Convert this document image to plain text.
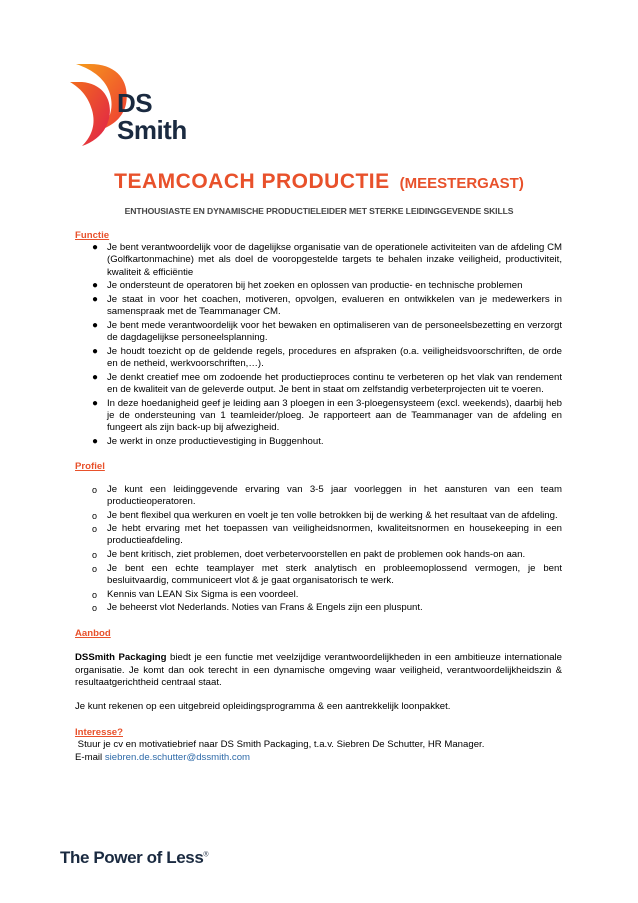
DS
Smith
TEAMCOACH PRODUCTIE (MEESTERGAST)
ENTHOUSIASTE EN DYNAMISCHE PRODUCTIELEIDER MET STERKE LEIDINGGEVENDE SKILLS
Functie
● Je bent verantwoordelijk voor de dagelijkse organisatie van de operationele activiteiten van de afdeling CM (Golfkartonmachine) met als doel de vooropgestelde targets te behalen inzake veiligheid, productiviteit, kwaliteit & efficiëntie
● Je ondersteunt de operatoren bij het zoeken en oplossen van productie- en technische problemen
● Je staat in voor het coachen, motiveren, opvolgen, evalueren en ontwikkelen van je medewerkers in samenspraak met de Teammanager CM.
● Je bent mede verantwoordelijk voor het bewaken en optimaliseren van de personeelsbezetting en verzorgt de dagdagelijkse personeelsplanning.
● Je houdt toezicht op de geldende regels, procedures en afspraken (o.a. veiligheidsvoorschriften, de orde en de netheid, werkvoorschriften,…).
● Je denkt creatief mee om zodoende het productieproces continu te verbeteren op het vlak van rendement en de kwaliteit van de geleverde output. Je bent in staat om zelfstandig verbeterprojecten uit te voeren.
● In deze hoedanigheid geef je leiding aan 3 ploegen in een 3-ploegensysteem (excl. weekends), daarbij heb je de ondersteuning van 1 teamleider/ploeg. Je rapporteert aan de Teammanager van de afdeling en fungeert als zijn back-up bij afwezigheid.
● Je werkt in onze productievestiging in Buggenhout.
Profiel
o Je kunt een leidinggevende ervaring van 3-5 jaar voorleggen in het aansturen van een team productieoperatoren.
o Je bent flexibel qua werkuren en voelt je ten volle betrokken bij de werking & het resultaat van de afdeling.
o Je hebt ervaring met het toepassen van veiligheidsnormen, kwaliteitsnormen en housekeeping in een productieafdeling.
o Je bent kritisch, ziet problemen, doet verbetervoorstellen en pakt de problemen ook hands-on aan.
o Je bent een echte teamplayer met sterk analytisch en probleemoplossend vermogen, je bent besluitvaardig, communiceert vlot & je gaat organisatorisch te werk.
o Kennis van LEAN Six Sigma is een voordeel.
o Je beheerst vlot Nederlands. Noties van Frans & Engels zijn een pluspunt.
Aanbod

DSSmith Packaging biedt je een functie met veelzijdige verantwoordelijkheden in een ambitieuze internationale organisatie. Je komt dan ook terecht in een dynamische omgeving waar veiligheid, verantwoordelijkheidszin & resultaatgerichtheid centraal staat.

Je kunt rekenen op een uitgebreid opleidingsprogramma & een aantrekkelijk loonpakket.

Interesse?

Stuur je cv en motivatiebrief naar DS Smith Packaging, t.a.v. Siebren De Schutter, HR Manager.

E-mail siebren.de.schutter@dssmith.com

The Power of Less®
